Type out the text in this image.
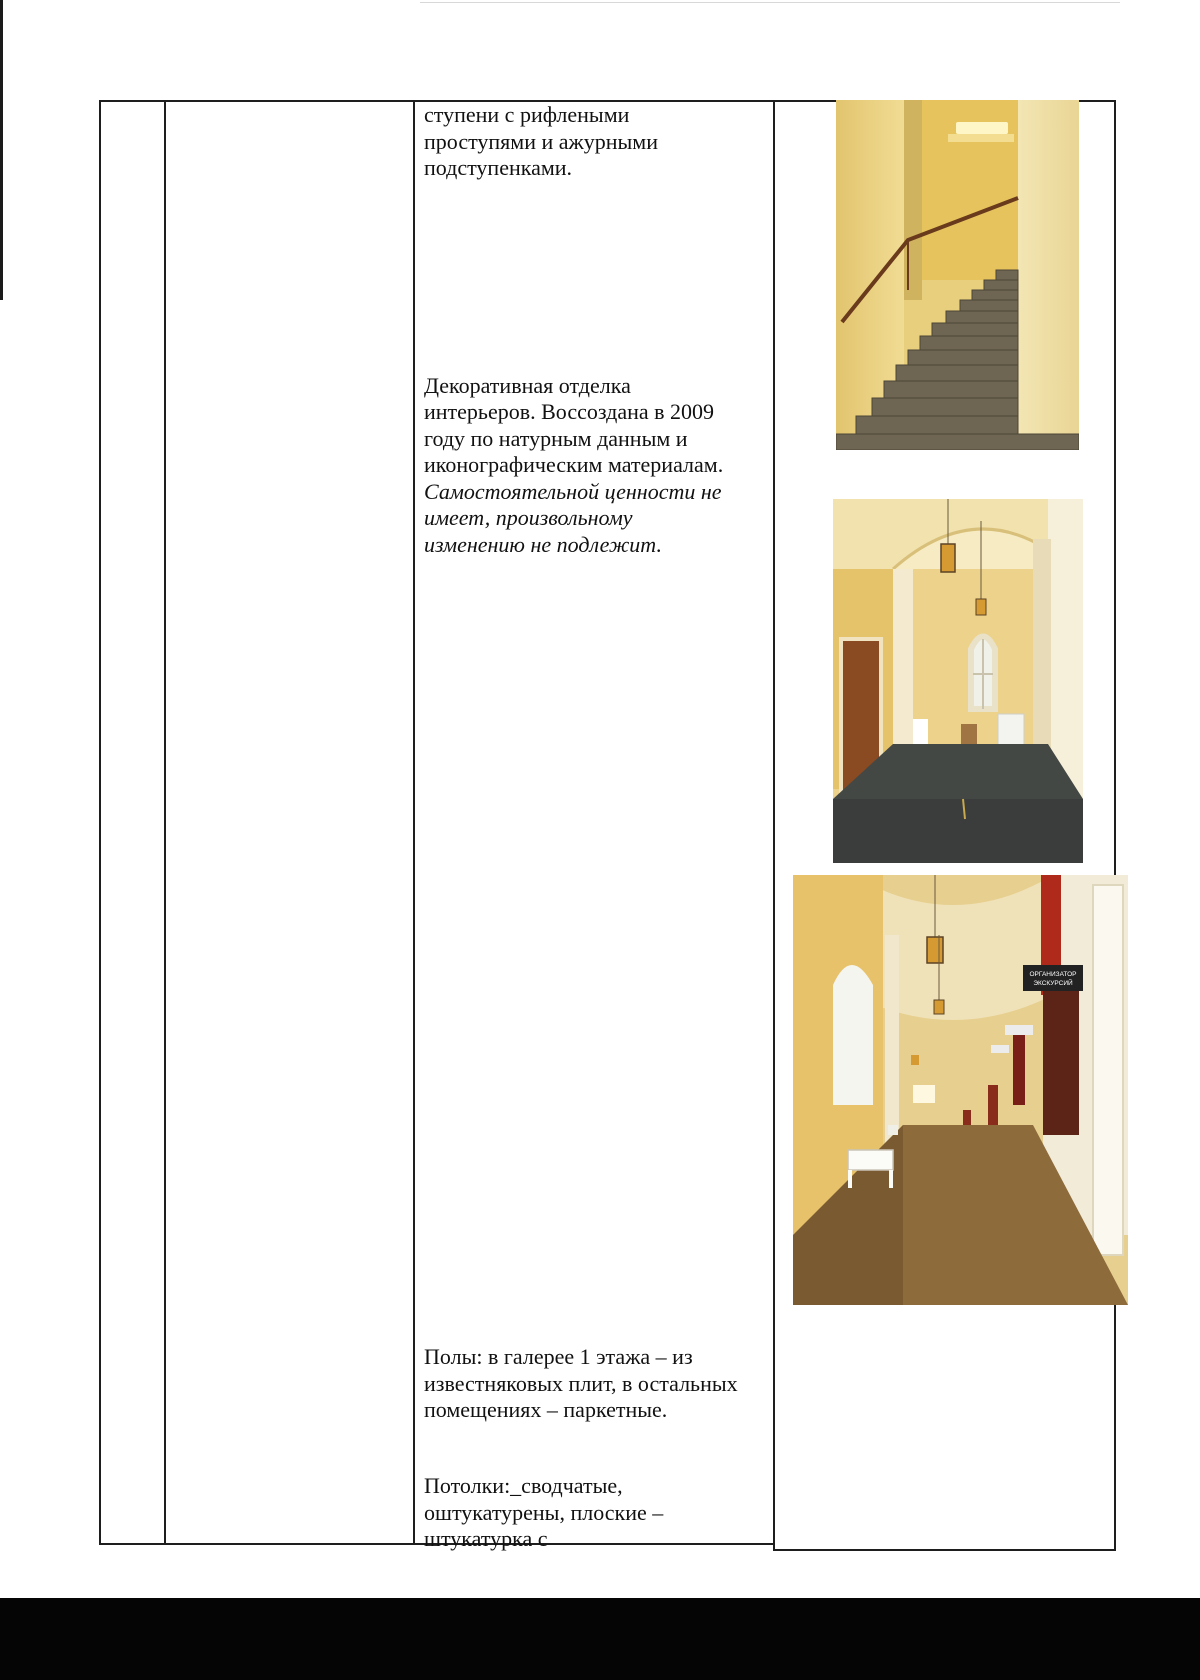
ступени с рифлеными
проступями и ажурными
подступенками.

Декоративная отделка
интерьеров. Воссоздана в 2009
году по натурным данным и
иконографическим материалам.

Самостоятельной ценности не
имеет, произвольному
изменению не подлежит.

Полы: в галерее 1 этажа – из
известняковых плит, в остальных
помещениях – паркетные.
Потолки:_сводчатые,
оштукатурены, плоские –
штукатурка с
ОРГАНИЗАТОР
ЭКСКУРСИЙ
